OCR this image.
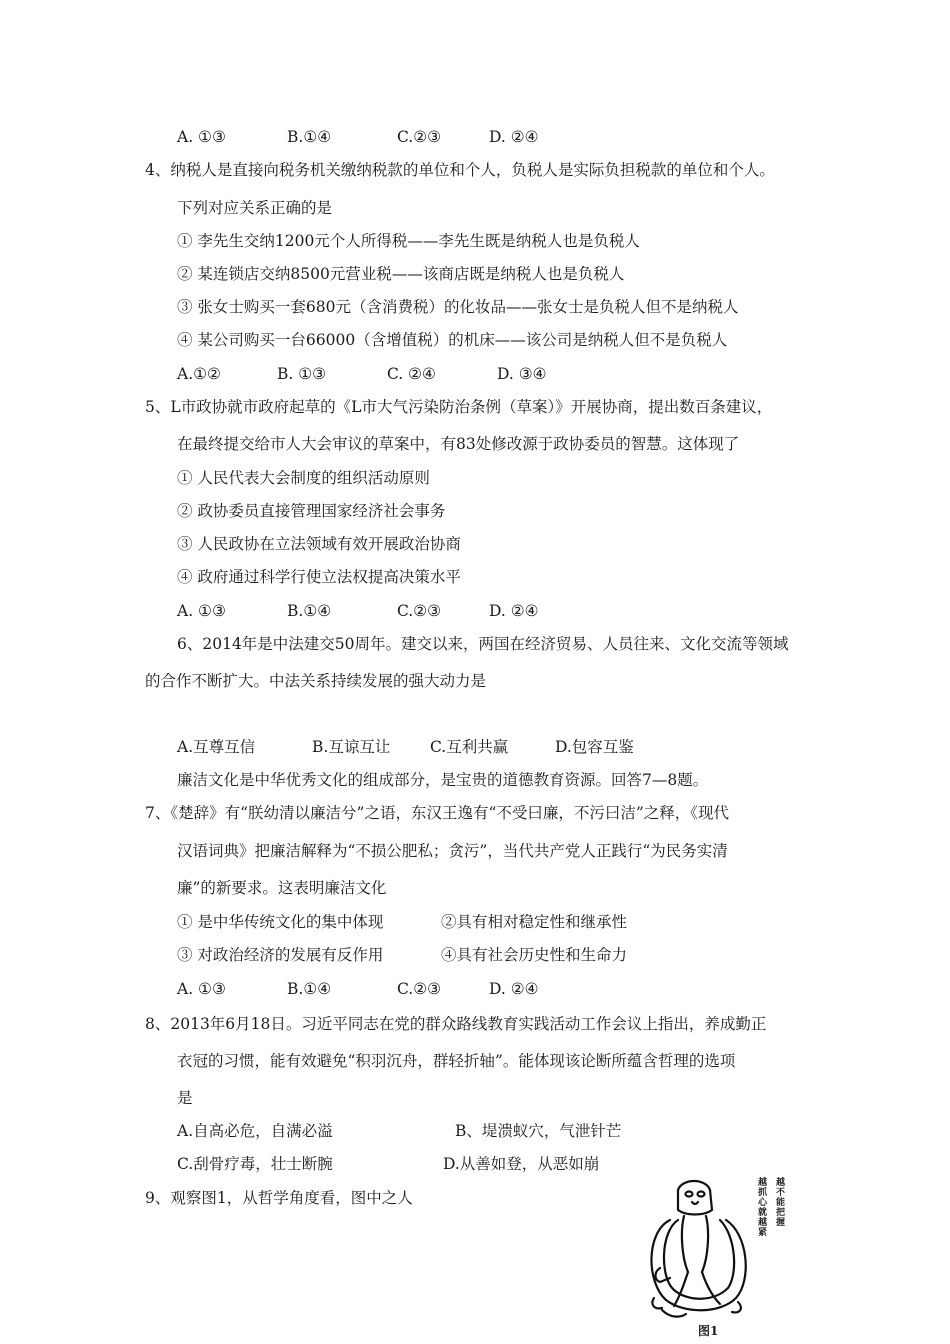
A. ①③	B.①④	C.②③	D. ②④
4、纳税人是直接向税务机关缴纳税款的单位和个人，负税人是实际负担税款的单位和个人。
下列对应关系正确的是
① 李先生交纳1200元个人所得税——李先生既是纳税人也是负税人
② 某连锁店交纳8500元营业税——该商店既是纳税人也是负税人
③ 张女士购买一套680元（含消费税）的化妆品——张女士是负税人但不是纳税人
④ 某公司购买一台66000（含增值税）的机床——该公司是纳税人但不是负税人
A.①②	B. ①③	C. ②④	D. ③④
5、L市政协就市政府起草的《L市大气污染防治条例（草案）》开展协商，提出数百条建议，
在最终提交给市人大会审议的草案中，有83处修改源于政协委员的智慧。这体现了
① 人民代表大会制度的组织活动原则
② 政协委员直接管理国家经济社会事务
③ 人民政协在立法领域有效开展政治协商
④ 政府通过科学行使立法权提高决策水平
A. ①③	B.①④	C.②③	D. ②④
6、2014年是中法建交50周年。建交以来，两国在经济贸易、人员往来、文化交流等领域
的合作不断扩大。中法关系持续发展的强大动力是
A.互尊互信	B.互谅互让	C.互利共赢	D.包容互鉴
廉洁文化是中华优秀文化的组成部分，是宝贵的道德教育资源。回答7—8题。
7、《楚辞》有“朕幼清以廉洁兮”之语，东汉王逸有“不受曰廉，不污曰洁”之释，《现代
汉语词典》把廉洁解释为“不损公肥私；贪污”，当代共产党人正践行“为民务实清
廉”的新要求。这表明廉洁文化
① 是中华传统文化的集中体现	②具有相对稳定性和继承性
③ 对政治经济的发展有反作用	④具有社会历史性和生命力
A. ①③	B.①④	C.②③	D. ②④
8、2013年6月18日。习近平同志在党的群众路线教育实践活动工作会议上指出，养成勤正
衣冠的习惯，能有效避免“积羽沉舟，群轻折轴”。能体现该论断所蕴含哲理的选项
是
A.自高必危，自满必溢	B、堤溃蚁穴，气泄针芒
C.刮骨疗毒，壮士断腕	D.从善如登，从恶如崩
9、观察图1，从哲学角度看，图中之人
越抓心就越紧
越不能把握
图1
